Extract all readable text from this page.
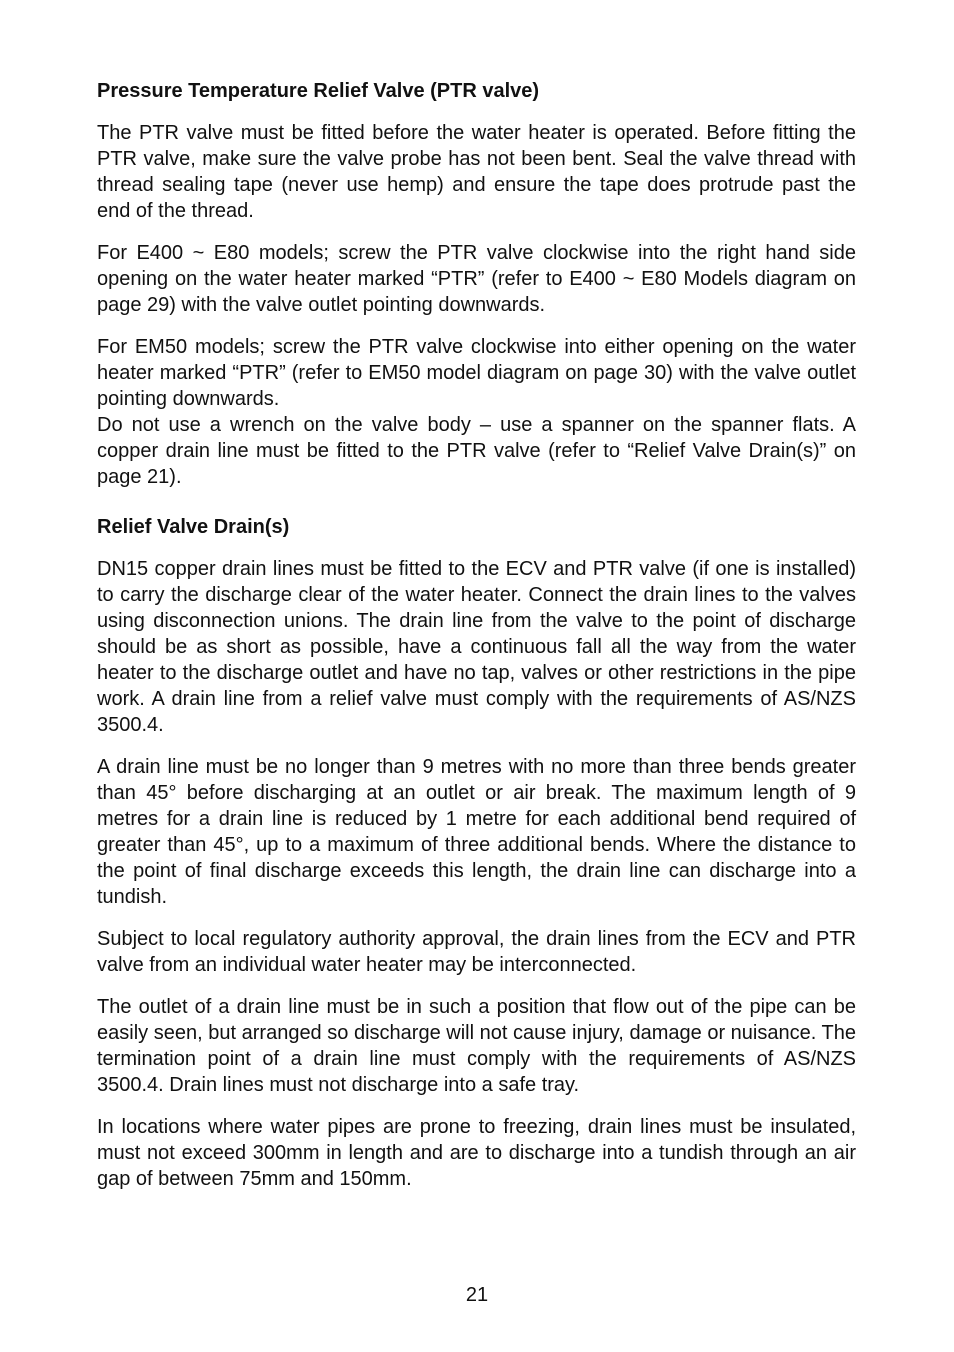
Pressure Temperature Relief Valve (PTR valve)

The PTR valve must be fitted before the water heater is operated. Before fitting the PTR valve, make sure the valve probe has not been bent. Seal the valve thread with thread sealing tape (never use hemp) and ensure the tape does protrude past the end of the thread.

For E400 ~ E80 models; screw the PTR valve clockwise into the right hand side opening on the water heater marked “PTR” (refer to E400 ~ E80 Models diagram on page 29) with the valve outlet pointing downwards.

For EM50 models; screw the PTR valve clockwise into either opening on the water heater marked “PTR” (refer to EM50 model diagram on page 30) with the valve outlet pointing downwards.

Do not use a wrench on the valve body – use a spanner on the spanner flats. A copper drain line must be fitted to the PTR valve (refer to “Relief Valve Drain(s)” on page 21).

Relief Valve Drain(s)

DN15 copper drain lines must be fitted to the ECV and PTR valve (if one is installed) to carry the discharge clear of the water heater. Connect the drain lines to the valves using disconnection unions. The drain line from the valve to the point of discharge should be as short as possible, have a continuous fall all the way from the water heater to the discharge outlet and have no tap, valves or other restrictions in the pipe work. A drain line from a relief valve must comply with the requirements of AS/NZS 3500.4.

A drain line must be no longer than 9 metres with no more than three bends greater than 45° before discharging at an outlet or air break. The maximum length of 9 metres for a drain line is reduced by 1 metre for each additional bend required of greater than 45°, up to a maximum of three additional bends. Where the distance to the point of final discharge exceeds this length, the drain line can discharge into a tundish.

Subject to local regulatory authority approval, the drain lines from the ECV and PTR valve from an individual water heater may be interconnected.

The outlet of a drain line must be in such a position that flow out of the pipe can be easily seen, but arranged so discharge will not cause injury, damage or nuisance. The termination point of a drain line must comply with the requirements of AS/NZS 3500.4. Drain lines must not discharge into a safe tray.

In locations where water pipes are prone to freezing, drain lines must be insulated, must not exceed 300mm in length and are to discharge into a tundish through an air gap of between 75mm and 150mm.

21
